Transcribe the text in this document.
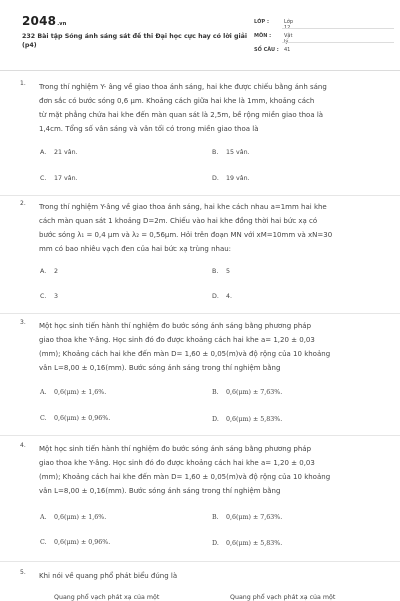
2048.vn
232 Bài tập Sóng ánh sáng sát đề thi Đại học cực hay có lời giải (p4)
LỚP :	Lớp 12
MÔN :	Vật lý
SỐ CÂU : 41
1. Trong thí nghiệm Y- âng về giao thoa ánh sáng, hai khe được chiếu bằng ánh sáng
đơn sắc có bước sóng 0,6 μm. Khoảng cách giữa hai khe là 1mm, khoảng cách
từ mặt phẳng chứa hai khe đến màn quan sát là 2,5m, bề rộng miền giao thoa là
1,4cm. Tổng số vân sáng và vân tối có trong miền giao thoa là
A. 21 vân.	B. 15 vân.
C. 17 vân.	D. 19 vân.
2. Trong thí nghiệm Y-âng về giao thoa ánh sáng, hai khe cách nhau a=1mm hai khe
cách màn quan sát 1 khoảng D=2m. Chiếu vào hai khe đồng thời hai bức xạ có
bước sóng λ₁ = 0,4 μm và λ₂ = 0,56μm. Hỏi trên đoạn MN với xM=10mm và xN=30
mm có bao nhiêu vạch đen của hai bức xạ trùng nhau:
A. 2	B. 5
C. 3	D. 4.
3. Một học sinh tiến hành thí nghiệm đo bước sóng ánh sáng bằng phương pháp
giao thoa khe Y-âng. Học sinh đó đo được khoảng cách hai khe a= 1,20 ± 0,03
(mm); Khoảng cách hai khe đến màn D= 1,60 ± 0,05(m)và độ rộng của 10 khoảng
vân L=8,00 ± 0,16(mm). Bước sóng ánh sáng trong thí nghiệm bằng
A. 0,6(μm) ± 1,6%.	B. 0,6(μm) ± 7,63%.
C. 0,6(μm) ± 0,96%.	D. 0,6(μm) ± 5,83%.
4. Một học sinh tiến hành thí nghiệm đo bước sóng ánh sáng bằng phương pháp
giao thoa khe Y-âng. Học sinh đó đo được khoảng cách hai khe a= 1,20 ± 0,03
(mm); Khoảng cách hai khe đến màn D= 1,60 ± 0,05(m)và độ rộng của 10 khoảng
vân L=8,00 ± 0,16(mm). Bước sóng ánh sáng trong thí nghiệm bằng
A. 0,6(μm) ± 1,6%.	B. 0,6(μm) ± 7,63%.
C. 0,6(μm) ± 0,96%.	D. 0,6(μm) ± 5,83%.
5. Khi nói về quang phổ phát biểu đúng là
Quang phổ vạch phát xạ của một	Quang phổ vạch phát xạ của một
